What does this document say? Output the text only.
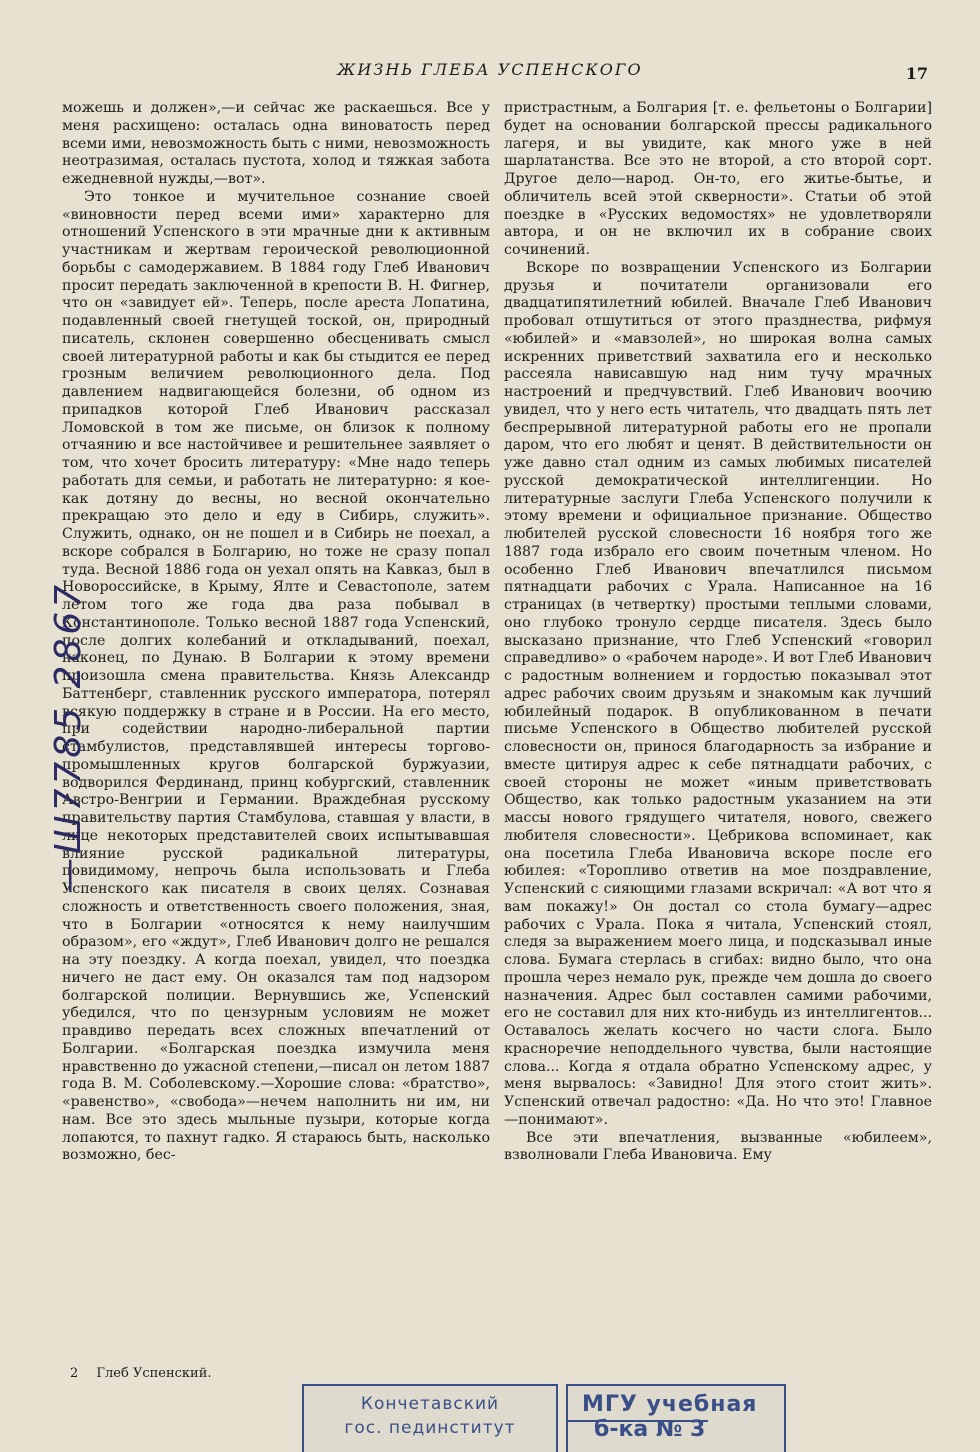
ЖИЗНЬ ГЛЕБА УСПЕНСКОГО	17

можешь и должен»,—и сейчас же раскаешься. Все у меня расхищено: осталась одна виноватость перед всеми ими, невозможность быть с ними, невозможность неотразимая, осталась пустота, холод и тяжкая забота ежедневной нужды,—вот».

Это тонкое и мучительное сознание своей «виновности перед всеми ими» характерно для отношений Успенского в эти мрачные дни к активным участникам и жертвам героической революционной борьбы с самодержавием. В 1884 году Глеб Иванович просит передать заключенной в крепости В. Н. Фигнер, что он «завидует ей». Теперь, после ареста Лопатина, подавленный своей гнетущей тоской, он, природный писатель, склонен совершенно обесценивать смысл своей литературной работы и как бы стыдится ее перед грозным величием революционного дела. Под давлением надвигающейся болезни, об одном из припадков которой Глеб Иванович рассказал Ломовской в том же письме, он близок к полному отчаянию и все настойчивее и решительнее заявляет о том, что хочет бросить литературу: «Мне надо теперь работать для семьи, и работать не литературно: я кое-как дотяну до весны, но весной окончательно прекращаю это дело и еду в Сибирь, служить». Служить, однако, он не пошел и в Сибирь не поехал, а вскоре собрался в Болгарию, но тоже не сразу попал туда. Весной 1886 года он уехал опять на Кавказ, был в Новороссийске, в Крыму, Ялте и Севастополе, затем летом того же года два раза побывал в Константинополе. Только весной 1887 года Успенский, после долгих колебаний и откладываний, поехал, наконец, по Дунаю. В Болгарии к этому времени произошла смена правительства. Князь Александр Баттенберг, ставленник русского императора, потерял всякую поддержку в стране и в России. На его место, при содействии народно-либеральной партии стамбулистов, представлявшей интересы торгово-промышленных кругов болгарской буржуазии, водворился Фердинанд, принц кобургский, ставленник Австро-Венгрии и Германии. Враждебная русскому правительству партия Стамбулова, ставшая у власти, в лице некоторых представителей своих испытывавшая влияние русской радикальной литературы, повидимому, непрочь была использовать и Глеба Успенского как писателя в своих целях. Сознавая сложность и ответственность своего положения, зная, что в Болгарии «относятся к нему наилучшим образом», его «ждут», Глеб Иванович долго не решался на эту поездку. А когда поехал, увидел, что поездка ничего не даст ему. Он оказался там под надзором болгарской полиции. Вернувшись же, Успенский убедился, что по цензурным условиям не может правдиво передать всех сложных впечатлений от Болгарии. «Болгарская поездка измучила меня нравственно до ужасной степени,—писал он летом 1887 года В. М. Соболевскому.—Хорошие слова: «братство», «равенство», «свобода»—нечем наполнить ни им, ни нам. Все это здесь мыльные пузыри, которые когда лопаются, то пахнут гадко. Я стараюсь быть, насколько возможно, бес-

пристрастным, а Болгария [т. е. фельетоны о Болгарии] будет на основании болгарской прессы радикального лагеря, и вы увидите, как много уже в ней шарлатанства. Все это не второй, а сто второй сорт. Другое дело—народ. Он-то, его житье-бытье, и обличитель всей этой скверности». Статьи об этой поездке в «Русских ведомостях» не удовлетворяли автора, и он не включил их в собрание своих сочинений.

Вскоре по возвращении Успенского из Болгарии друзья и почитатели организовали его двадцатипятилетний юбилей. Вначале Глеб Иванович пробовал отшутиться от этого празднества, рифмуя «юбилей» и «мавзолей», но широкая волна самых искренних приветствий захватила его и несколько рассеяла нависавшую над ним тучу мрачных настроений и предчувствий. Глеб Иванович воочию увидел, что у него есть читатель, что двадцать пять лет беспрерывной литературной работы его не пропали даром, что его любят и ценят. В действительности он уже давно стал одним из самых любимых писателей русской демократической интеллигенции. Но литературные заслуги Глеба Успенского получили к этому времени и официальное признание. Общество любителей русской словесности 16 ноября того же 1887 года избрало его своим почетным членом. Но особенно Глеб Иванович впечатлился письмом пятнадцати рабочих с Урала. Написанное на 16 страницах (в четвертку) простыми теплыми словами, оно глубоко тронуло сердце писателя. Здесь было высказано признание, что Глеб Успенский «говорил справедливо» о «рабочем народе». И вот Глеб Иванович с радостным волнением и гордостью показывал этот адрес рабочих своим друзьям и знакомым как лучший юбилейный подарок. В опубликованном в печати письме Успенского в Общество любителей русской словесности он, принося благодарность за избрание и вместе цитируя адрес к себе пятнадцати рабочих, с своей стороны не может «иным приветствовать Общество, как только радостным указанием на эти массы нового грядущего читателя, нового, свежего любителя словесности». Цебрикова вспоминает, как она посетила Глеба Ивановича вскоре после его юбилея: «Торопливо ответив на мое поздравление, Успенский с сияющими глазами вскричал: «А вот что я вам покажу!» Он достал со стола бумагу—адрес рабочих с Урала. Пока я читала, Успенский стоял, следя за выражением моего лица, и подсказывал иные слова. Бумага стерлась в сгибах: видно было, что она прошла через немало рук, прежде чем дошла до своего назначения. Адрес был составлен самими рабочими, его не составил для них кто-нибудь из интеллигентов... Оставалось желать косчего но части слога. Было красноречие неподдельного чувства, были настоящие слова... Когда я отдала обратно Успенскому адрес, у меня вырвалось: «Завидно! Для этого стоит жить». Успенский отвечал радостно: «Да. Но что это! Главное—понимают».

Все эти впечатления, вызванные «юбилеем», взволновали Глеба Ивановича. Ему

2 Глеб Успенский.
—Ш7785 2867
Кончетавский
гос. пединститут
МГУ учебная
б-ка № 3
